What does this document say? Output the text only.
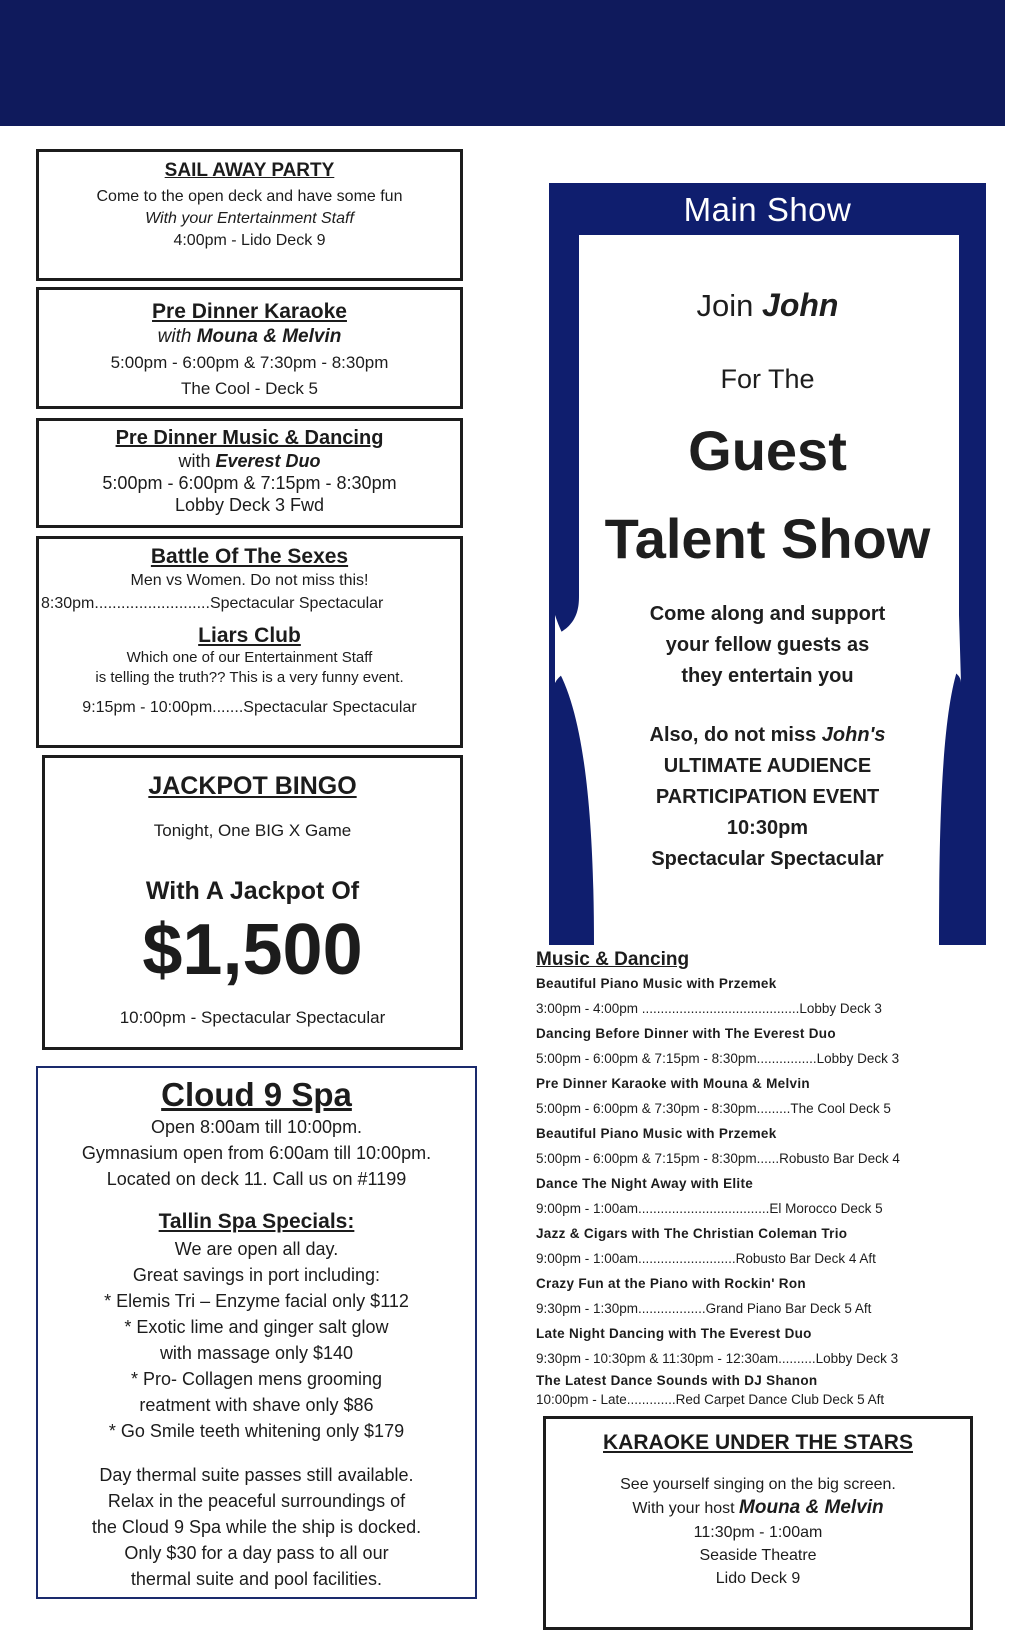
SAIL AWAY PARTY
Come to the open deck and have some fun
With your Entertainment Staff
4:00pm - Lido Deck 9
Pre Dinner Karaoke
with Mouna & Melvin
5:00pm - 6:00pm & 7:30pm - 8:30pm
The Cool - Deck 5
Pre Dinner Music & Dancing
with Everest Duo
5:00pm - 6:00pm & 7:15pm - 8:30pm
Lobby Deck 3 Fwd
Battle Of The Sexes
Men vs Women. Do not miss this!
8:30pm..........................Spectacular Spectacular
Liars Club
Which one of our Entertainment Staff
is telling the truth?? This is a very funny event.
9:15pm - 10:00pm.......Spectacular Spectacular
JACKPOT BINGO
Tonight, One BIG X Game
With A Jackpot Of
$1,500
10:00pm - Spectacular Spectacular
Cloud 9 Spa
Open 8:00am till 10:00pm.
Gymnasium open from 6:00am till 10:00pm.
Located on deck 11. Call us on #1199
Tallin Spa Specials:
We are open all day.
Great savings in port including:
* Elemis Tri – Enzyme facial only $112
* Exotic lime and ginger salt glow
with massage only $140
* Pro- Collagen mens grooming
reatment with shave only $86
* Go Smile teeth whitening only $179
Day thermal suite passes still available.
Relax in the peaceful surroundings of
the Cloud 9 Spa while the ship is docked.
Only $30 for a day pass to all our
thermal suite and pool facilities.
Main Show
Join John
For The
Guest
Talent Show
Come along and support
your fellow guests as
they entertain you
Also, do not miss John's
ULTIMATE AUDIENCE
PARTICIPATION EVENT
10:30pm
Spectacular Spectacular
Music & Dancing
Beautiful Piano Music with Przemek
3:00pm - 4:00pm ..........................................Lobby Deck 3
Dancing Before Dinner with The Everest Duo
5:00pm - 6:00pm & 7:15pm - 8:30pm................Lobby Deck 3
Pre Dinner Karaoke with Mouna & Melvin
5:00pm - 6:00pm & 7:30pm - 8:30pm.........The Cool Deck 5
Beautiful Piano Music with Przemek
5:00pm - 6:00pm & 7:15pm - 8:30pm......Robusto Bar Deck 4
Dance The Night Away with Elite
9:00pm - 1:00am...................................El Morocco Deck 5
Jazz & Cigars with The Christian Coleman Trio
9:00pm - 1:00am..........................Robusto Bar Deck 4 Aft
Crazy Fun at the Piano with Rockin' Ron
9:30pm - 1:30pm..................Grand Piano Bar Deck 5 Aft
Late Night Dancing with The Everest Duo
9:30pm - 10:30pm & 11:30pm - 12:30am..........Lobby Deck 3
The Latest Dance Sounds with DJ Shanon
10:00pm - Late.............Red Carpet Dance Club Deck 5 Aft
KARAOKE UNDER THE STARS
See yourself singing on the big screen.
With your host Mouna & Melvin
11:30pm - 1:00am
Seaside Theatre
Lido Deck 9
